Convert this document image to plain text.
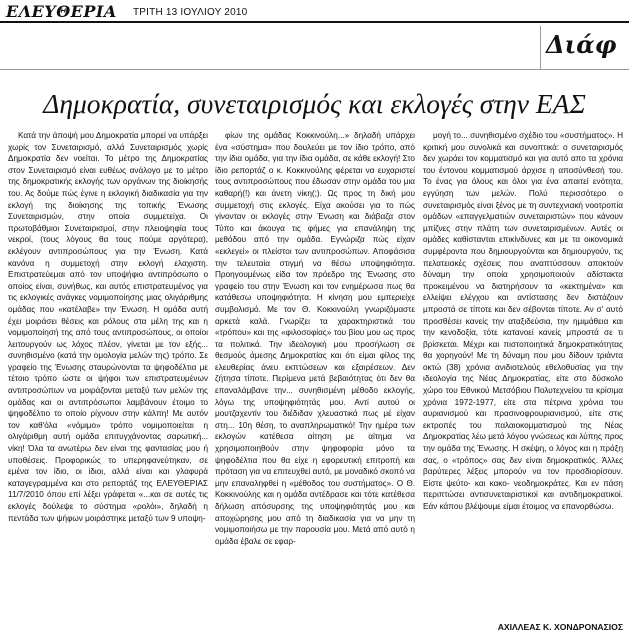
ΕΛΕΥΘΕΡΙΑ ΤΡΙΤΗ 13 ΙΟΥΛΙΟΥ 2010
Διάφ
Δημοκρατία, συνεταιρισμός και εκλογές στην ΕΑΣ

Κατά την άποψή μου Δημοκρατία μπορεί να υπάρξει χωρίς τον Συνεταιρισμό, αλλά Συνεταιρισμός χωρίς Δημοκρατία δεν νοείται. Το μέτρο της Δημοκρατίας στον Συνεταιρισμό είναι ευθέως ανάλογο με το μέτρο της δημοκρατικής εκλογής των οργάνων της διοίκησής του. Ας δούμε πώς έγινε η εκλογική διαδικασία για την εκλογή της διοίκησης της τοπικής Ένωσης Συνεταιρισμών, στην οποία συμμετείχα. Οι πρωτοβάθμιοι Συνεταιρισμοί, στην πλειοψηφία τους νεκροί, (τους λόγους θα τους πούμε αργότερα), εκλέγουν αντιπροσώπους για την Ένωση. Κατά κανόνα η συμμετοχή στην εκλογή ελαχιστη. Επιστρατεύεμαι από τον υποψήφιο αντιπρόσωπο ο οποίος είναι, συνήθως, και αυτός επιστρατευμένος για τις εκλογικές ανάγκες νομιμοποίησης μιας ολιγάριθμης ομάδας που «κατέλαβε» την Ένωση. Η ομάδα αυτή έχει μοιράσει θέσεις και ρόλους στα μέλη της και η νομιμοποίησή της από τους αντιπροσώπους, οι οποίοι λειτουργούν ως λόχος πλέον, γίνεται με τον εξής... συνηθισμένο (κατά την ομολογία μελών της) τρόπο. Σε γραφείο της Ένωσης σταυρώνονται τα ψηφοδέλτια με τέτοιο τρόπο ώστε οι ψήφοι των επιστρατευμένων αντιπροσώπων να μοιράζονται μεταξύ των μελών της ομάδας και οι αντιπρόσωποι λαμβάνουν έτοιμο το ψηφοδέλτιο το οποίο ρίχνουν στην κάλπη! Με αυτόν τον καθ'όλα «νόμιμο» τρόπο νομιμοποιείται η ολιγάριθμη αυτή ομάδα επιτυγχάνοντας σαρωτική... νίκη! Όλα τα ανωτέρω δεν είναι της φαντασίας μου ή υποθέσεις. Προφορικώς το υπερηφανεύτηκαν, σε εμένα τον ίδιο, οι ίδιοι, αλλά είναι και γλαφυρά καταγεγραμμένα και στο ρεπορτάζ της ΕΛΕΥΘΕΡΙΑΣ 11/7/2010 όπου επί λέξει γράφεται «...και σε αυτές τις εκλογές δούλεψε το σύστημα «ρολόι», δηλαδή η πεντάδα των ψήφων μοιράστηκε μεταξύ των 9 υποψη-

φίων της ομάδας Κοκκινούλη...» δηλαδή υπάρχει ένα «σύστημα» που δουλεύει με τον ίδιο τρόπο, από την ίδια ομάδα, για την ίδια ομάδα, σε κάθε εκλογή! Στο ίδιο ρεπορτάζ ο κ. Κοκκινούλης φέρεται να ευχαριστεί τους αντιπροσώπους που έδωσαν στην ομάδα του μια καθαρή(!) και άνετη νίκη(;). Ως προς τη δική μου συμμετοχή στις εκλογές. Είχα ακούσει για το πώς γίνονταν οι εκλογές στην Ένωση και διάβαζα στον Τύπο και άκουγα τις φήμες για επανάληψη της μεθόδου από την ομάδα. Εγνώριζα πώς είχαν «εκλεγεί» οι πλείστοι των αντιπροσώπων. Αποφάσισα την τελευταία στιγμή να θέσω υποψηφιότητα. Προηγουμένως είδα τον πρόεδρο της Ένωσης στο γραφείο του στην Ένωση και τον ενημέρωσα πως θα κατάθεσω υποψηφιότητα. Η κίνηση μου εμπεριείχε συμβολισμό. Με τον Θ. Κοκκινούλη γνωριζόμαστε αρκετά καλά. Γνωρίζει τα χαρακτηριστικά του «τρόπου» και της «φιλοσοφίας» του βίου μου ως προς τα πολιτικά. Την ιδεολογική μου προσήλωση σε θεσμούς άμεσης Δημοκρατίας και ότι είμαι φίλος της ελευθερίας άνευ εκπτώσεων και εξαιρέσεων. Δεν ζήτησα τίποτε. Περίμενα μετά βεβαιότητας ότι δεν θα επαναλάμβανε την... συνηθισμένη μέθοδο εκλογής, λόγω της υποψηφιότητάς μου. Αντί αυτού οι μουτζαχεντίν του διέδιδαν χλευαστικά πως μέ είχαν στη... 10η θέση, το αναπληρωματικό! Την ημέρα των εκλογών κατέθεσα αίτηση με αίτημα να χρησιμοποιηθούν στην ψηφοφορία μόνο τα ψηφοδέλτια που θα είχε η εφορευτική επιτροπή και πρόταση για να επιτευχθεί αυτό, με μοναδικό σκοπό να μην επαναληφθεί η «μέθοδος του συστήματος». Ο Θ. Κοκκινούλης και η ομάδα αντέδρασε και τότε κατέθεσα δήλωση απόσυρσης της υποψηφιότητάς μου και αποχώρησης μου από τη διαδικασία για να μην τη νομιμοποιήσω με την παρουσία μου. Μετά από αυτό η ομάδα έβαλε σε εφαρ-

μογή το... συνηθισμένο σχέδιο του «συστήματος». Η κριτική μου συνολικά και συνοπτικά: ο συνεταιρισμός δεν χωράει τον κομματισμό και για αυτό απο τα χρόνια του έντονου κομματισμού άρχισε η αποσύνθεσή του. Το ένας για όλους και όλοι για ένα απαιτεί ενότητα, εγγύηση των μελών. Πολύ περισσότερο ο συνεταιρισμός είναι ξένος με τη συντεχνιακή νοοτροπία ομάδων «επαγγελματιών συνεταιριστών» που κάνουν μπίζνες στην πλάτη των συνεταιρισμένων. Αυτές οι ομάδες καθίστανται επικίνδυνες και με τα οικονομικά συμφέροντα που δημιουργούνται και δημιουργούν, τις πελατειακές σχέσεις που αναπτύσσουν αποκτούν δύναμη την οποία χρησιμοποιούν αδίστακτα προκειμένου να διατηρήσουν τα «κεκτημένα» και ελλείψει ελέγχου και αντίστασης δεν διστάζουν μπροστά σε τίποτε και δεν σέβονται τίποτε. Αν σ' αυτό προσθέσει κανείς την αταξιδεύσια, την ημιμάθεια και την κενοδοξία, τότε κατανοεί κανείς μπροστά σε τι βρίσκεται. Μέχρι και πιστοποιητικά δημοκρατικότητας θα χορηγούν! Με τη δύναμη που μου δίδουν τριάντα οκτώ (38) χρόνια ανιδιοτελούς εθελοθυσίας για την ιδεολογία της Νέας Δημοκρατίας, είτε στο δύσκολο χώρο του Εθνικού Μετσόβιου Πολυτεχνείου τα κρίσιμα χρόνια 1972-1977, είτε στα πέτρινα χρόνια του αυριανισμού και πρασινοφρουριανισμού, είτε στις εκτροπές του παλαιοκομματισμού της Νέας Δημοκρατίας λέω μετά λόγου γνώσεως και λύπης προς την ομάδα της Ένωσης. Η σκέψη, ο λόγος και η πράξη σας, ο «τρόπος» σας δεν είναι δημοκρατικός. Άλλες βαρύτερες λέξεις μπορούν να τον προσδιορίσουν. Είστε ψεύτο- και κακο- νεοδημοκράτες. Και εν πάση περιπτώσει αντισυνεταιριστικοί και αντιδημοκρατικοί. Εάν κάπου βλέψουμε είμαι έτοιμος να επανορθώσω.

ΑΧΙΛΛΕΑΣ Κ. ΧΟΝΔΡΟΝΑΣΙΟΣ
